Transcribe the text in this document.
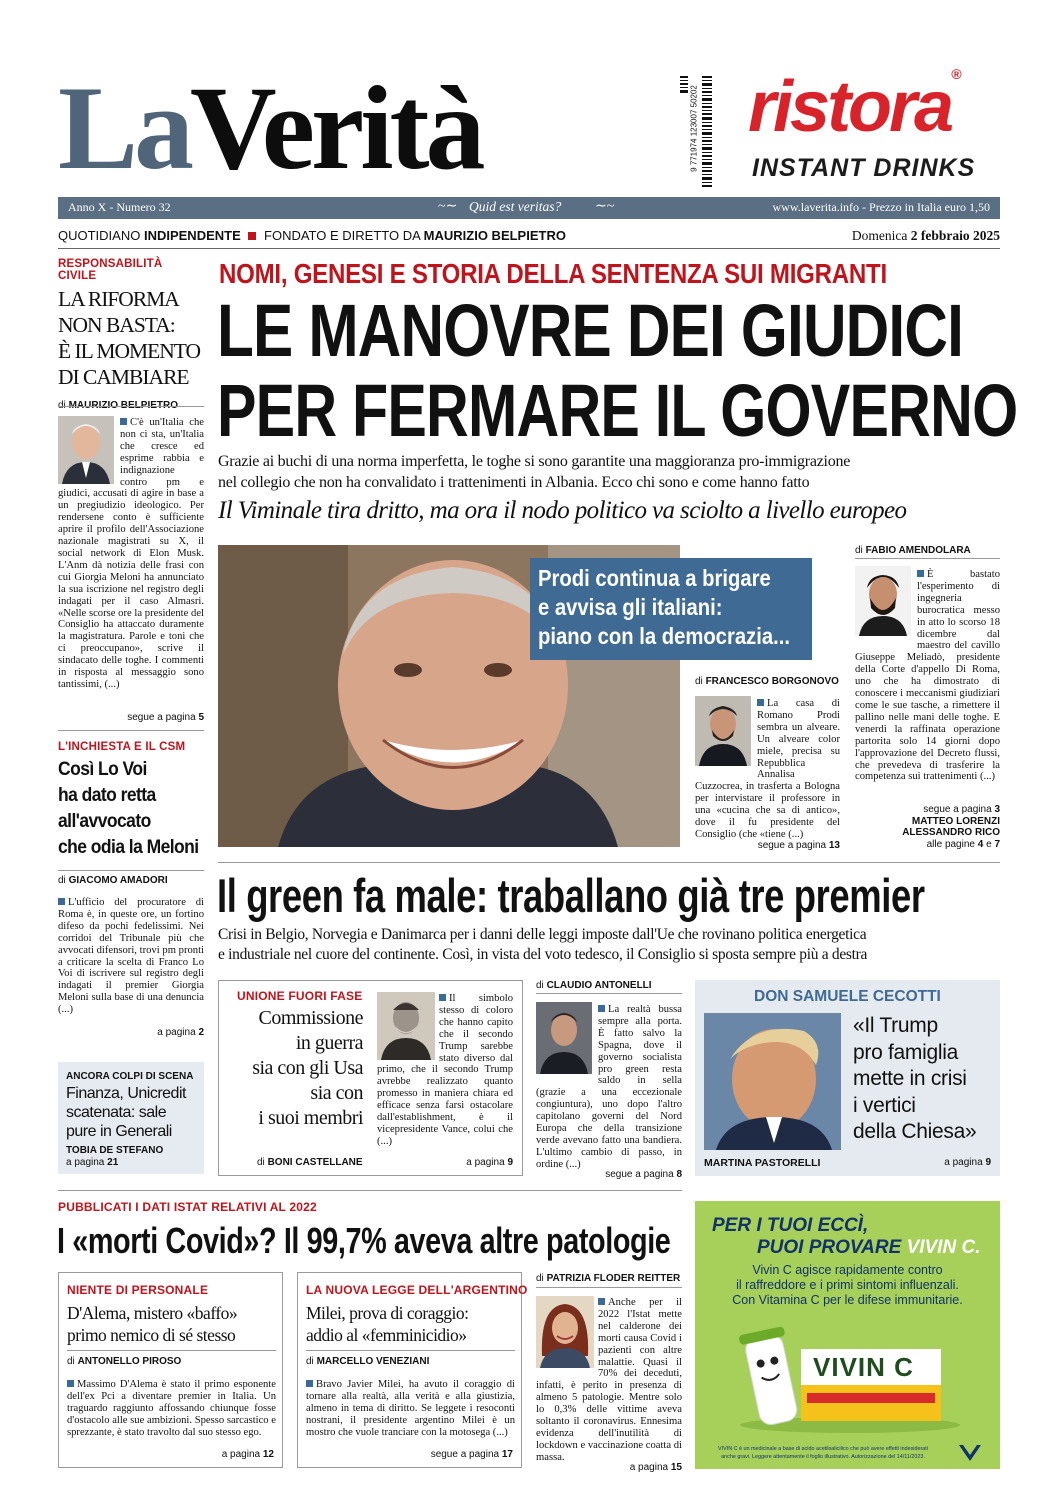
LaVerità	9 771974 123007 50202 ristora®
INSTANT DRINKS
Anno X - Numero 32	Quid est veritas?
~∼	∼~	www.laverita.info - Prezzo in Italia euro 1,50
QUOTIDIANO INDIPENDENTE FONDATO E DIRETTO DA MAURIZIO BELPIETRO	Domenica 2 febbraio 2025
RESPONSABILITÀ CIVILE
LA RIFORMA
NON BASTA:
È IL MOMENTO
DI CAMBIARE
C'è un'Italia che non ci sta, un'Italia che cresce ed esprime rabbia e indignazione contro pm e giudici, accusati di agire in base a un pregiudizio ideologico. Per rendersene conto è sufficiente aprire il profilo dell'Associazione nazionale magistrati su X, il social network di Elon Musk. L'Anm dà notizia delle frasi con cui Giorgia Meloni ha annunciato la sua iscrizione nel registro degli indagati per il caso Almasri. «Nelle scorse ore la presidente del Consiglio ha attaccato duramente la magistratura. Parole e toni che ci preoccupano», scrive il sindacato delle toghe. I commenti in risposta al messaggio sono tantissimi, (...)
segue a pagina 5
L'INCHIESTA E IL CSM
Così Lo Voi
ha dato retta
all'avvocato
che odia la Meloni
di GIACOMO AMADORI
L'ufficio del procuratore di Roma è, in queste ore, un fortino difeso da pochi fedelissimi. Nei corridoi del Tribunale più che avvocati difensori, trovi pm pronti a criticare la scelta di Franco Lo Voi di iscrivere sul registro degli indagati il premier Giorgia Meloni sulla base di una denuncia (...)
a pagina 2
ANCORA COLPI DI SCENA
Finanza, Unicredit
scatenata: sale
pure in Generali
TOBIA DE STEFANO
a pagina 21
NOMI, GENESI E STORIA DELLA SENTENZA SUI MIGRANTI
LE MANOVRE DEI GIUDICI
PER FERMARE IL GOVERNO
Grazie ai buchi di una norma imperfetta, le toghe si sono garantite una maggioranza pro-immigrazione
nel collegio che non ha convalidato i trattenimenti in Albania. Ecco chi sono e come hanno fatto
Il Viminale tira dritto, ma ora il nodo politico va sciolto a livello europeo
Prodi continua a brigare
e avvisa gli italiani:
piano con la democrazia...
di FRANCESCO BORGONOVO
La casa di Romano Prodi sembra un alveare. Un alveare color miele, precisa su Repubblica Annalisa Cuzzocrea, in trasferta a Bologna per intervistare il professore in una «cucina che sa di antico», dove il fu presidente del Consiglio (che «tiene (...)
segue a pagina 13
di FABIO AMENDOLARA
È bastato l'esperimento di ingegneria burocratica messo in atto lo scorso 18 dicembre dal maestro del cavillo Giuseppe Meliadò, presidente della Corte d'appello Di Roma, uno che ha dimostrato di conoscere i meccanismi giudiziari come le sue tasche, a rimettere il pallino nelle mani delle toghe. E venerdì la raffinata operazione partorita solo 14 giorni dopo l'approvazione del Decreto flussi, che prevedeva di trasferire la competenza sui trattenimenti (...)
segue a pagina 3
MATTEO LORENZI
ALESSANDRO RICO
alle pagine 4 e 7
Il green fa male: traballano già tre premier
Crisi in Belgio, Norvegia e Danimarca per i danni delle leggi imposte dall'Ue che rovinano politica energetica
e industriale nel cuore del continente. Così, in vista del voto tedesco, il Consiglio si sposta sempre più a destra
UNIONE FUORI FASE
Commissione
in guerra
sia con gli Usa
sia con
i suoi membri
di BONI CASTELLANE
Il simbolo stesso di coloro che hanno capito che il secondo Trump sarebbe stato diverso dal primo, che il secondo Trump avrebbe realizzato quanto promesso in maniera chiara ed efficace senza farsi ostacolare dall'establishment, è il vicepresidente Vance, colui che (...)
a pagina 9
di CLAUDIO ANTONELLI
La realtà bussa sempre alla porta. È fatto salvo la Spagna, dove il governo socialista pro green resta saldo in sella (grazie a una eccezionale congiuntura), uno dopo l'altro capitolano governi del Nord Europa che della transizione verde avevano fatto una bandiera. L'ultimo cambio di passo, in ordine (...)
segue a pagina 8
DON SAMUELE CECOTTI
«Il Trump
pro famiglia
mette in crisi
i vertici
della Chiesa»
MARTINA PASTORELLI	a pagina 9
PUBBLICATI I DATI ISTAT RELATIVI AL 2022
I «morti Covid»? Il 99,7% aveva altre patologie
NIENTE DI PERSONALE
D'Alema, mistero «baffo»
primo nemico di sé stesso
di ANTONELLO PIROSO
Massimo D'Alema è stato il primo esponente dell'ex Pci a diventare premier in Italia. Un traguardo raggiunto affossando chiunque fosse d'ostacolo alle sue ambizioni. Spesso sarcastico e sprezzante, è stato travolto dal suo stesso ego.
a pagina 12
LA NUOVA LEGGE DELL'ARGENTINO
Milei, prova di coraggio:
addio al «femminicidio»
di MARCELLO VENEZIANI
Bravo Javier Milei, ha avuto il coraggio di tornare alla realtà, alla verità e alla giustizia, almeno in tema di diritto. Se leggete i resoconti nostrani, il presidente argentino Milei è un mostro che vuole tranciare con la motosega (...)
segue a pagina 17
di PATRIZIA FLODER REITTER
Anche per il 2022 l'Istat mette nel calderone dei morti causa Covid i pazienti con altre malattie. Quasi il 70% dei deceduti, infatti, è perito in presenza di almeno 5 patologie. Mentre solo lo 0,3% delle vittime aveva soltanto il coronavirus. Ennesima evidenza dell'inutilità di lockdown e vaccinazione coatta di massa.
a pagina 15
PER I TUOI ECCÌ,
PUOI PROVARE VIVIN C.
Vivin C agisce rapidamente contro
il raffreddore e i primi sintomi influenzali.
Con Vitamina C per le difese immunitarie.
VIVIN C
VIVIN C è un medicinale a base di acido acetilsalicilico che può avere effetti indesiderati
anche gravi. Leggere attentamente il foglio illustrativo. Autorizzazione del 14/11/2023.
